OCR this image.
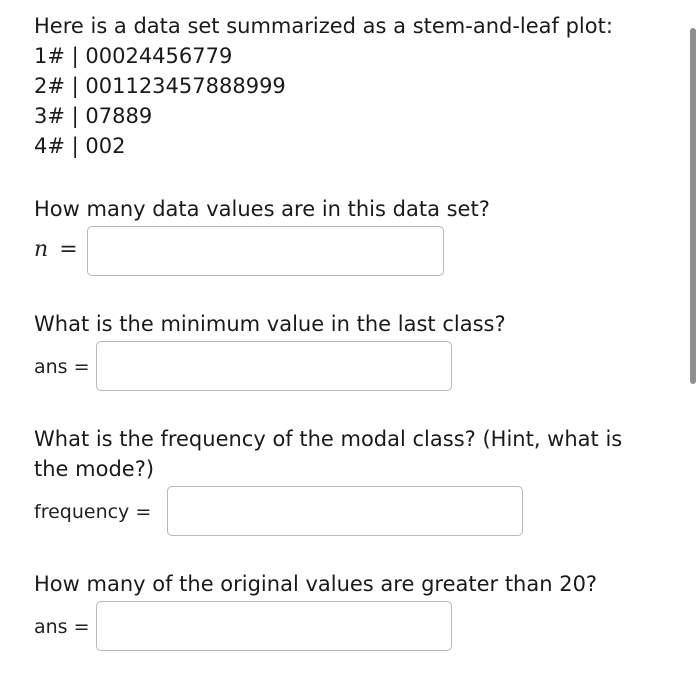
Here is a data set summarized as a stem-and-leaf plot:
1# | 00024456779
2# | 001123457888999
3# | 07889
4# | 002
How many data values are in this data set?
n =
What is the minimum value in the last class?
ans =
What is the frequency of the modal class? (Hint, what is
the mode?)
frequency =
How many of the original values are greater than 20?
ans =
